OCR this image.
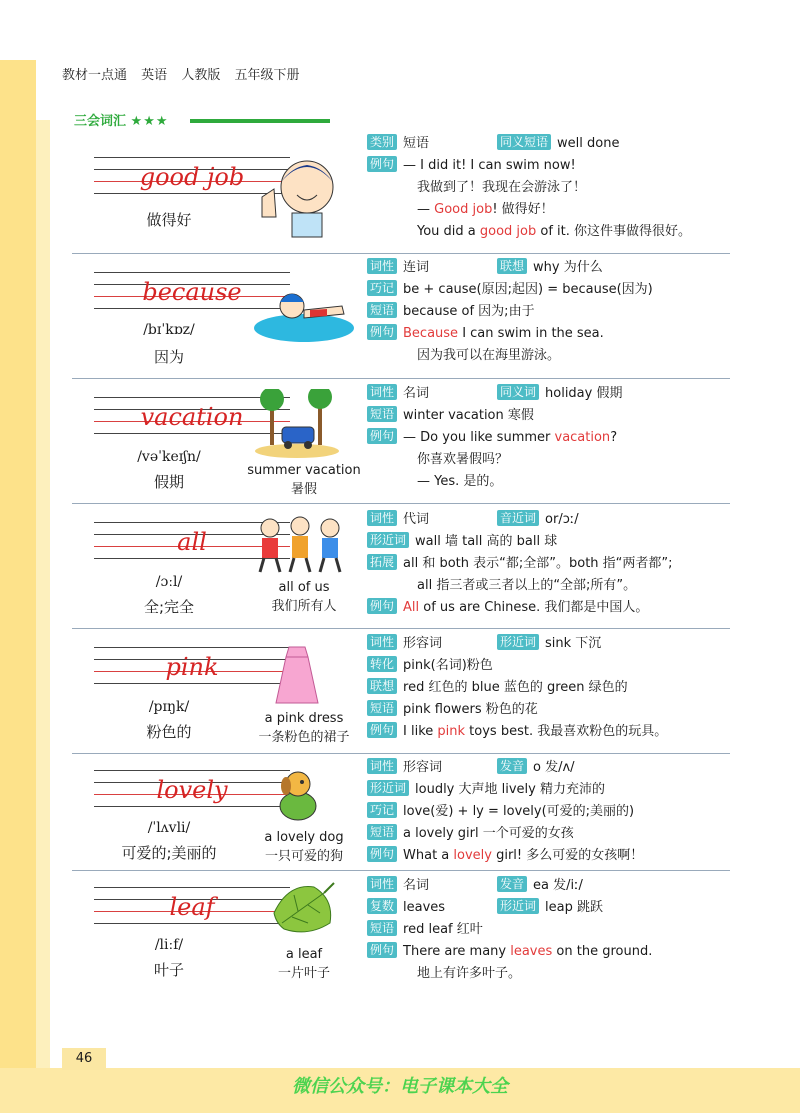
教材一点通 英语 人教版 五年级下册
三会词汇 ★★★
good job
做得好
类别 短语	同义短语 well done
例句 — I did it! I can swim now!
我做到了！我现在会游泳了！
— Good job! 做得好！
You did a good job of it. 你这件事做得很好。
because
/bɪˈkɒz/
因为
词性 连词	联想 why 为什么
巧记 be + cause(原因;起因) = because(因为)
短语 because of 因为;由于
例句 Because I can swim in the sea.
因为我可以在海里游泳。
vacation
/vəˈkeɪʃn/
假期
summer vacation
暑假
词性 名词	同义词 holiday 假期
短语 winter vacation 寒假
例句 — Do you like summer vacation?
你喜欢暑假吗？
— Yes. 是的。
all
/ɔːl/
全;完全
all of us
我们所有人
词性 代词	音近词 or/ɔː/
形近词 wall 墙 tall 高的 ball 球
拓展 all 和 both 表示“都;全部”。both 指“两者都”;
all 指三者或三者以上的“全部;所有”。
例句 All of us are Chinese. 我们都是中国人。
pink
/pɪŋk/
粉色的
a pink dress
一条粉色的裙子
词性 形容词	形近词 sink 下沉
转化 pink(名词)粉色
联想 red 红色的 blue 蓝色的 green 绿色的
短语 pink flowers 粉色的花
例句 I like pink toys best. 我最喜欢粉色的玩具。
lovely
/ˈlʌvli/
可爱的;美丽的
a lovely dog
一只可爱的狗
词性 形容词	发音 o 发/ʌ/
形近词 loudly 大声地 lively 精力充沛的
巧记 love(爱) + ly = lovely(可爱的;美丽的)
短语 a lovely girl 一个可爱的女孩
例句 What a lovely girl! 多么可爱的女孩啊！
leaf
/liːf/
叶子
a leaf
一片叶子
词性 名词	发音 ea 发/iː/
复数 leaves	形近词 leap 跳跃
短语 red leaf 红叶
例句 There are many leaves on the ground.
地上有许多叶子。
46
微信公众号：电子课本大全
